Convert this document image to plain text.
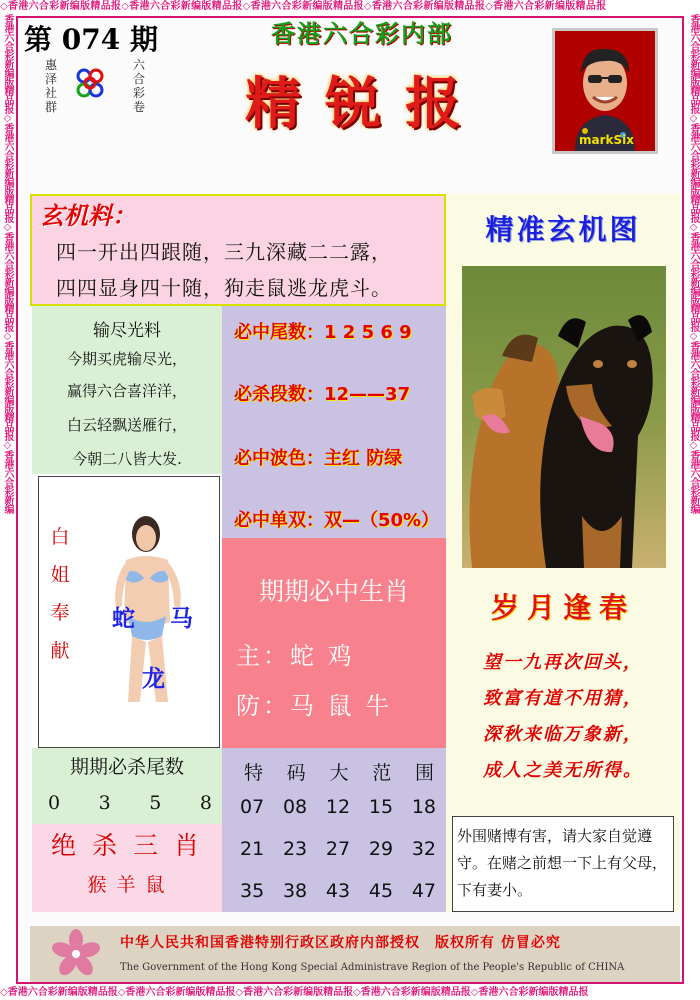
◇香港六合彩新编版精品报◇香港六合彩新编版精品报◇香港六合彩新编版精品报◇香港六合彩新编版精品报◇香港六合彩新编版精品报
◇香港六合彩新编版精品报◇香港六合彩新编版精品报◇香港六合彩新编版精品报◇香港六合彩新编版精品报◇香港六合彩新编版精品报
香港六合彩新编版精品报◇香港六合彩新编版精品报◇香港六合彩新编版精品报◇香港六合彩新编版精品报◇香港六合彩新编	香港六合彩新编版精品报◇香港六合彩新编版精品报◇香港六合彩新编版精品报◇香港六合彩新编版精品报◇香港六合彩新编
第 074 期
惠泽社群
六合彩卷
香港六合彩内部
精锐报
markSix
玄机料：
四一开出四跟随，三九深藏二二露，
四四显身四十随，狗走鼠逃龙虎斗。
输尽光料
今期买虎输尽光，
赢得六合喜洋洋，
白云轻飘送雁行，
今朝二八皆大发.
必中尾数：1 2 5 6 9
必杀段数：12——37
必中波色：主红 防绿
必中单双：双—（50%）
白
姐
奉
献
蛇 马
龙
期期必中生肖
主：蛇 鸡
防：马 鼠 牛
期期必杀尾数
0 3 5 8
绝杀三肖
猴羊鼠
特 码 大 范 围
07 08 12 15 18
21 23 27 29 32
35 38 43 45 47
精准玄机图
岁月逢春
望一九再次回头，
致富有道不用猜，
深秋来临万象新，
成人之美无所得。
外围赌博有害，请大家自觉遵守。在赌之前想一下上有父母，下有妻小。
中华人民共和国香港特别行政区政府内部授权　版权所有 仿冒必究
The Government of the Hong Kong Special Administrave Region of the People's Republic of CHINA
